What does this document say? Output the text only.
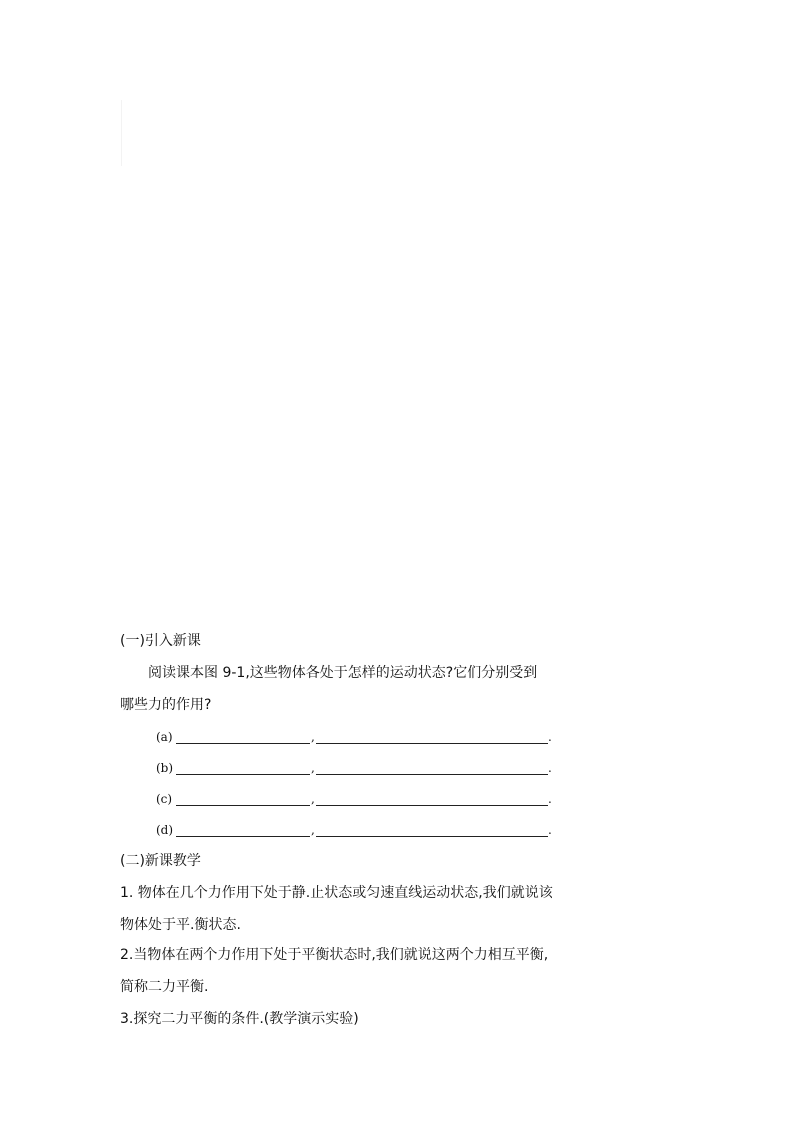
(一)引入新课
阅读课本图 9-1,这些物体各处于怎样的运动状态?它们分别受到
哪些力的作用?
(a)	,	.
(b)	,	.
(c)	,	.
(d)	,	.
(二)新课教学
1. 物体在几个力作用下处于静.止状态或匀速直线运动状态,我们就说该
物体处于平.衡状态.
2.当物体在两个力作用下处于平衡状态时,我们就说这两个力相互平衡,
简称二力平衡.
3.探究二力平衡的条件.(教学演示实验)
